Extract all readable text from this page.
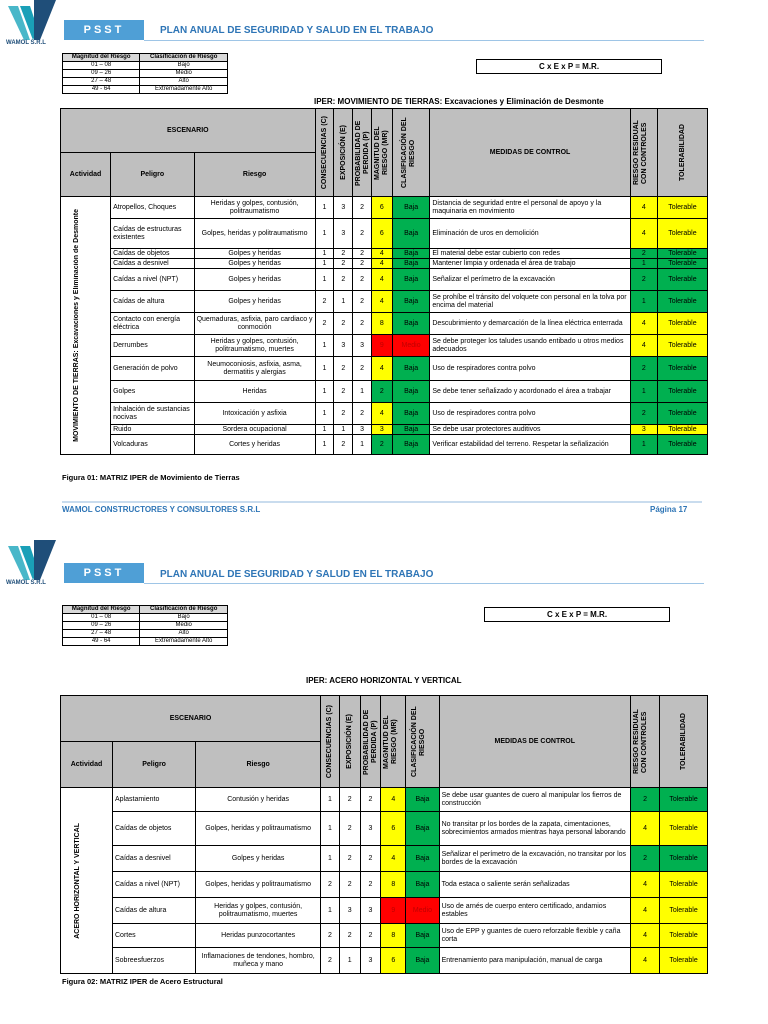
WAMOL S.R.L
PSST	PLAN ANUAL DE SEGURIDAD Y SALUD EN EL TRABAJO
Magnitud del Riesgo	Clasificación de Riesgo
01 – 08	Bajo
09 – 26	Medio
27 – 48	Alto
49 - 64	Extremadamente Alto
C x E x P = M.R.
IPER: MOVIMIENTO DE TIERRAS: Excavaciones y Eliminación de Desmonte
ESCENARIO			CONSECUENCIAS (C)	EXPOSICIÓN (E)	PROBABILIDAD DE PERDIDA (P)	MAGNITUD DEL RIESGO (MR)	CLASIFICACIÓN DEL RIESGO	MEDIDAS DE CONTROL	RIESGO RESIDUAL CON CONTROLES	TOLERABILIDAD

Actividad	Peligro	Riesgo								

MOVIMIENTO DE TIERRAS: Excavaciones y Eliminación de Desmonte	Atropellos, Choques	Heridas y golpes, contusión, politraumatismo	1	3	2	6	Baja	Distancia de seguridad entre el personal de apoyo y la maquinaria en movimiento	4	Tolerable
	Caídas de estructuras existentes	Golpes, heridas y politraumatismo	1	3	2	6	Baja	Eliminación de uros en demolición	4	Tolerable
	Caídas de objetos	Golpes y heridas	1	2	2	4	Baja	El material debe estar cubierto con redes	2	Tolerable
	Caídas a desnivel	Golpes y heridas	1	2	2	4	Baja	Mantener limpia y ordenada el área de trabajo	1	Tolerable
	Caídas a nivel (NPT)	Golpes y heridas	1	2	2	4	Baja	Señalizar el perímetro de la excavación	2	Tolerable
	Caídas de altura	Golpes y heridas	2	1	2	4	Baja	Se prohíbe el tránsito del volquete con personal en la tolva por encima del material	1	Tolerable
	Contacto con energía eléctrica	Quemaduras, asfixia, paro cardiaco y conmoción	2	2	2	8	Baja	Descubrimiento y demarcación de la línea eléctrica enterrada	4	Tolerable
	Derrumbes	Heridas y golpes, contusión, politraumatismo, muertes	1	3	3	9	Medio	Se debe proteger los taludes usando entibado u otros medios adecuados	4	Tolerable
	Generación de polvo	Neumoconiosis, asfixia, asma, dermatitis y alergias	1	2	2	4	Baja	Uso de respiradores contra polvo	2	Tolerable
	Golpes	Heridas	1	2	1	2	Baja	Se debe tener señalizado y acordonado el área a trabajar	1	Tolerable
	Inhalación de sustancias nocivas	Intoxicación y asfixia	1	2	2	4	Baja	Uso de respiradores contra polvo	2	Tolerable
	Ruido	Sordera ocupacional	1	1	3	3	Baja	Se debe usar protectores auditivos	3	Tolerable
	Volcaduras	Cortes y heridas	1	2	1	2	Baja	Verificar estabilidad del terreno. Respetar la señalización	1	Tolerable
Figura 01: MATRIZ IPER de Movimiento de Tierras
WAMOL CONSTRUCTORES Y CONSULTORES S.R.L	Página 17
WAMOL S.R.L
PSST	PLAN ANUAL DE SEGURIDAD Y SALUD EN EL TRABAJO
Magnitud del Riesgo	Clasificación de Riesgo
01 – 08	Bajo
09 – 26	Medio
27 – 48	Alto
49 - 64	Extremadamente Alto
C x E x P = M.R.
IPER: ACERO HORIZONTAL Y VERTICAL
ESCENARIO			CONSECUENCIAS (C)	EXPOSICIÓN (E)	PROBABILIDAD DE PERDIDA (P)	MAGNITUD DEL RIESGO (MR)	CLASIFICACIÓN DEL RIESGO	MEDIDAS DE CONTROL	RIESGO RESIDUAL CON CONTROLES	TOLERABILIDAD

Actividad	Peligro	Riesgo								

ACERO HORIZONTAL Y VERTICAL	Aplastamiento	Contusión y heridas	1	2	2	4	Baja	Se debe usar guantes de cuero al manipular los fierros de construcción	2	Tolerable
	Caídas de objetos	Golpes, heridas y politraumatismo	1	2	3	6	Baja	No transitar pr los bordes de la zapata, cimentaciones, sobrecimientos armados mientras haya personal laborando	4	Tolerable
	Caídas a desnivel	Golpes y heridas	1	2	2	4	Baja	Señalizar el perímetro de la excavación, no transitar por los bordes de la excavación	2	Tolerable
	Caídas a nivel (NPT)	Golpes, heridas y politraumatismo	2	2	2	8	Baja	Toda estaca o saliente serán señalizadas	4	Tolerable
	Caídas de altura	Heridas y golpes, contusión, politraumatismo, muertes	1	3	3	9	Medio	Uso de arnés de cuerpo entero certificado, andamios estables	4	Tolerable
	Cortes	Heridas punzocortantes	2	2	2	8	Baja	Uso de EPP y guantes de cuero reforzable flexible y caña corta	4	Tolerable
	Sobreesfuerzos	Inflamaciones de tendones, hombro, muñeca y mano	2	1	3	6	Baja	Entrenamiento para manipulación, manual de carga	4	Tolerable
Figura 02: MATRIZ IPER de Acero Estructural
